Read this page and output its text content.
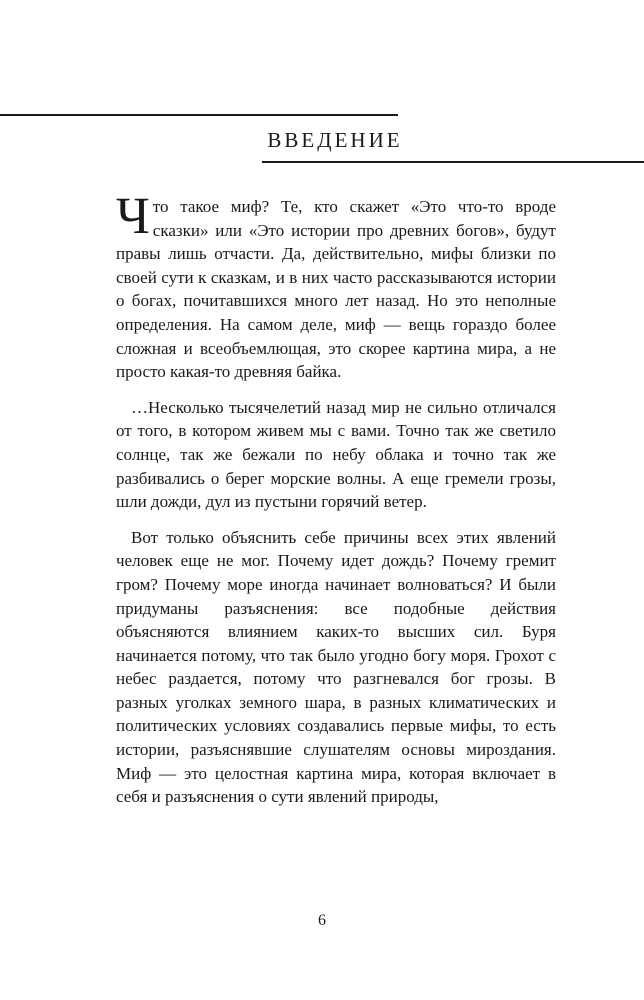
ВВЕДЕНИЕ

Что такое миф? Те, кто скажет «Это что-то вроде сказки» или «Это истории про древних богов», будут правы лишь отчасти. Да, действительно, мифы близки по своей сути к сказкам, и в них часто рассказываются истории о богах, почитавшихся много лет назад. Но это неполные определения. На самом деле, миф — вещь гораздо более сложная и всеобъемлющая, это скорее картина мира, а не просто какая-то древняя байка.

…Несколько тысячелетий назад мир не сильно отличался от того, в котором живем мы с вами. Точно так же светило солнце, так же бежали по небу облака и точно так же разбивались о берег морские волны. А еще гремели грозы, шли дожди, дул из пустыни горячий ветер.

Вот только объяснить себе причины всех этих явлений человек еще не мог. Почему идет дождь? Почему гремит гром? Почему море иногда начинает волноваться? И были придуманы разъяснения: все подобные действия объясняются влиянием каких-то высших сил. Буря начинается потому, что так было угодно богу моря. Грохот с небес раздается, потому что разгневался бог грозы. В разных уголках земного шара, в разных климатических и политических условиях создавались первые мифы, то есть истории, разъяснявшие слушателям основы мироздания. Миф — это целостная картина мира, которая включает в себя и разъяснения о сути явлений природы,

6
